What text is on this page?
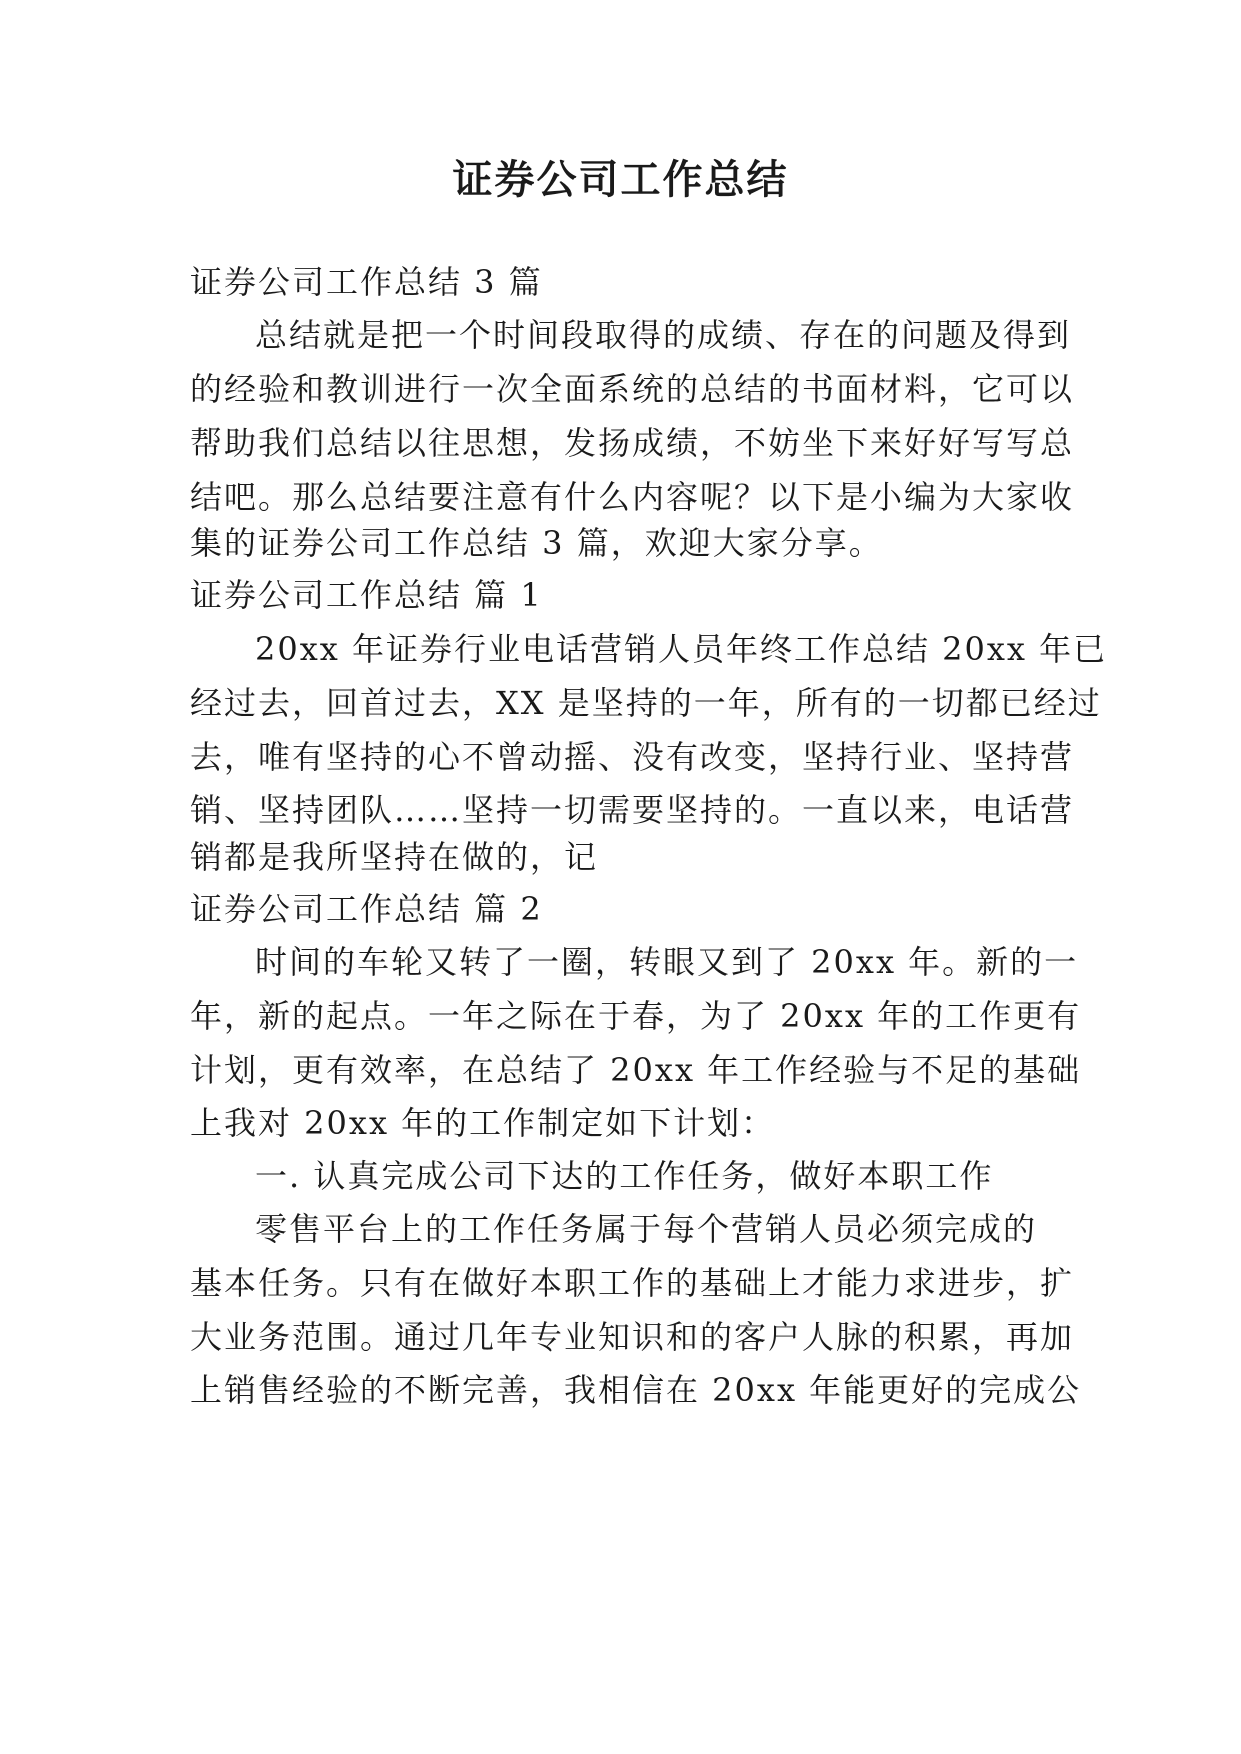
证券公司工作总结

证券公司工作总结 3 篇

总结就是把一个时间段取得的成绩、存在的问题及得到

的经验和教训进行一次全面系统的总结的书面材料，它可以

帮助我们总结以往思想，发扬成绩，不妨坐下来好好写写总

结吧。那么总结要注意有什么内容呢？以下是小编为大家收

集的证券公司工作总结 3 篇，欢迎大家分享。

证券公司工作总结 篇 1

20xx 年证券行业电话营销人员年终工作总结 20xx 年已

经过去，回首过去，XX 是坚持的一年，所有的一切都已经过

去，唯有坚持的心不曾动摇、没有改变，坚持行业、坚持营

销、坚持团队……坚持一切需要坚持的。一直以来，电话营

销都是我所坚持在做的，记

证券公司工作总结 篇 2

时间的车轮又转了一圈，转眼又到了 20xx 年。新的一

年，新的起点。一年之际在于春，为了 20xx 年的工作更有

计划，更有效率，在总结了 20xx 年工作经验与不足的基础

上我对 20xx 年的工作制定如下计划：

一. 认真完成公司下达的工作任务，做好本职工作

零售平台上的工作任务属于每个营销人员必须完成的

基本任务。只有在做好本职工作的基础上才能力求进步，扩

大业务范围。通过几年专业知识和的客户人脉的积累，再加

上销售经验的不断完善，我相信在 20xx 年能更好的完成公
